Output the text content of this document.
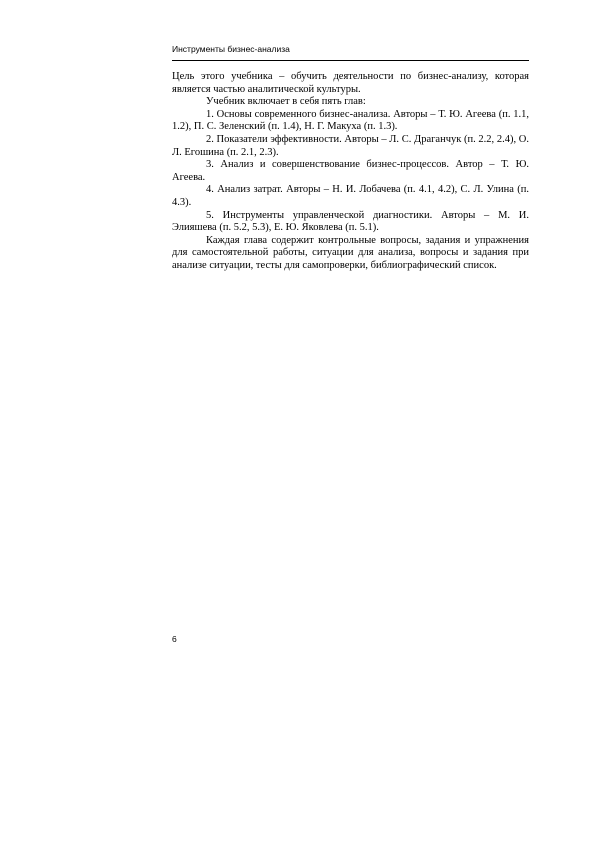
Инструменты бизнес-анализа

Цель этого учебника – обучить деятельности по бизнес-анализу, которая является частью аналитической культуры.

Учебник включает в себя пять глав:

1. Основы современного бизнес-анализа. Авторы – Т. Ю. Агеева (п. 1.1, 1.2), П. С. Зеленский (п. 1.4), Н. Г. Макуха (п. 1.3).

2. Показатели эффективности. Авторы – Л. С. Драганчук (п. 2.2, 2.4), О. Л. Егошина (п. 2.1, 2.3).

3. Анализ и совершенствование бизнес-процессов. Автор – Т. Ю. Агеева.

4. Анализ затрат. Авторы – Н. И. Лобачева (п. 4.1, 4.2), С. Л. Улина (п. 4.3).

5. Инструменты управленческой диагностики. Авторы – М. И. Элияшева (п. 5.2, 5.3), Е. Ю. Яковлева (п. 5.1).

Каждая глава содержит контрольные вопросы, задания и упражнения для самостоятельной работы, ситуации для анализа, вопросы и задания при анализе ситуации, тесты для самопроверки, библиографический список.

6
